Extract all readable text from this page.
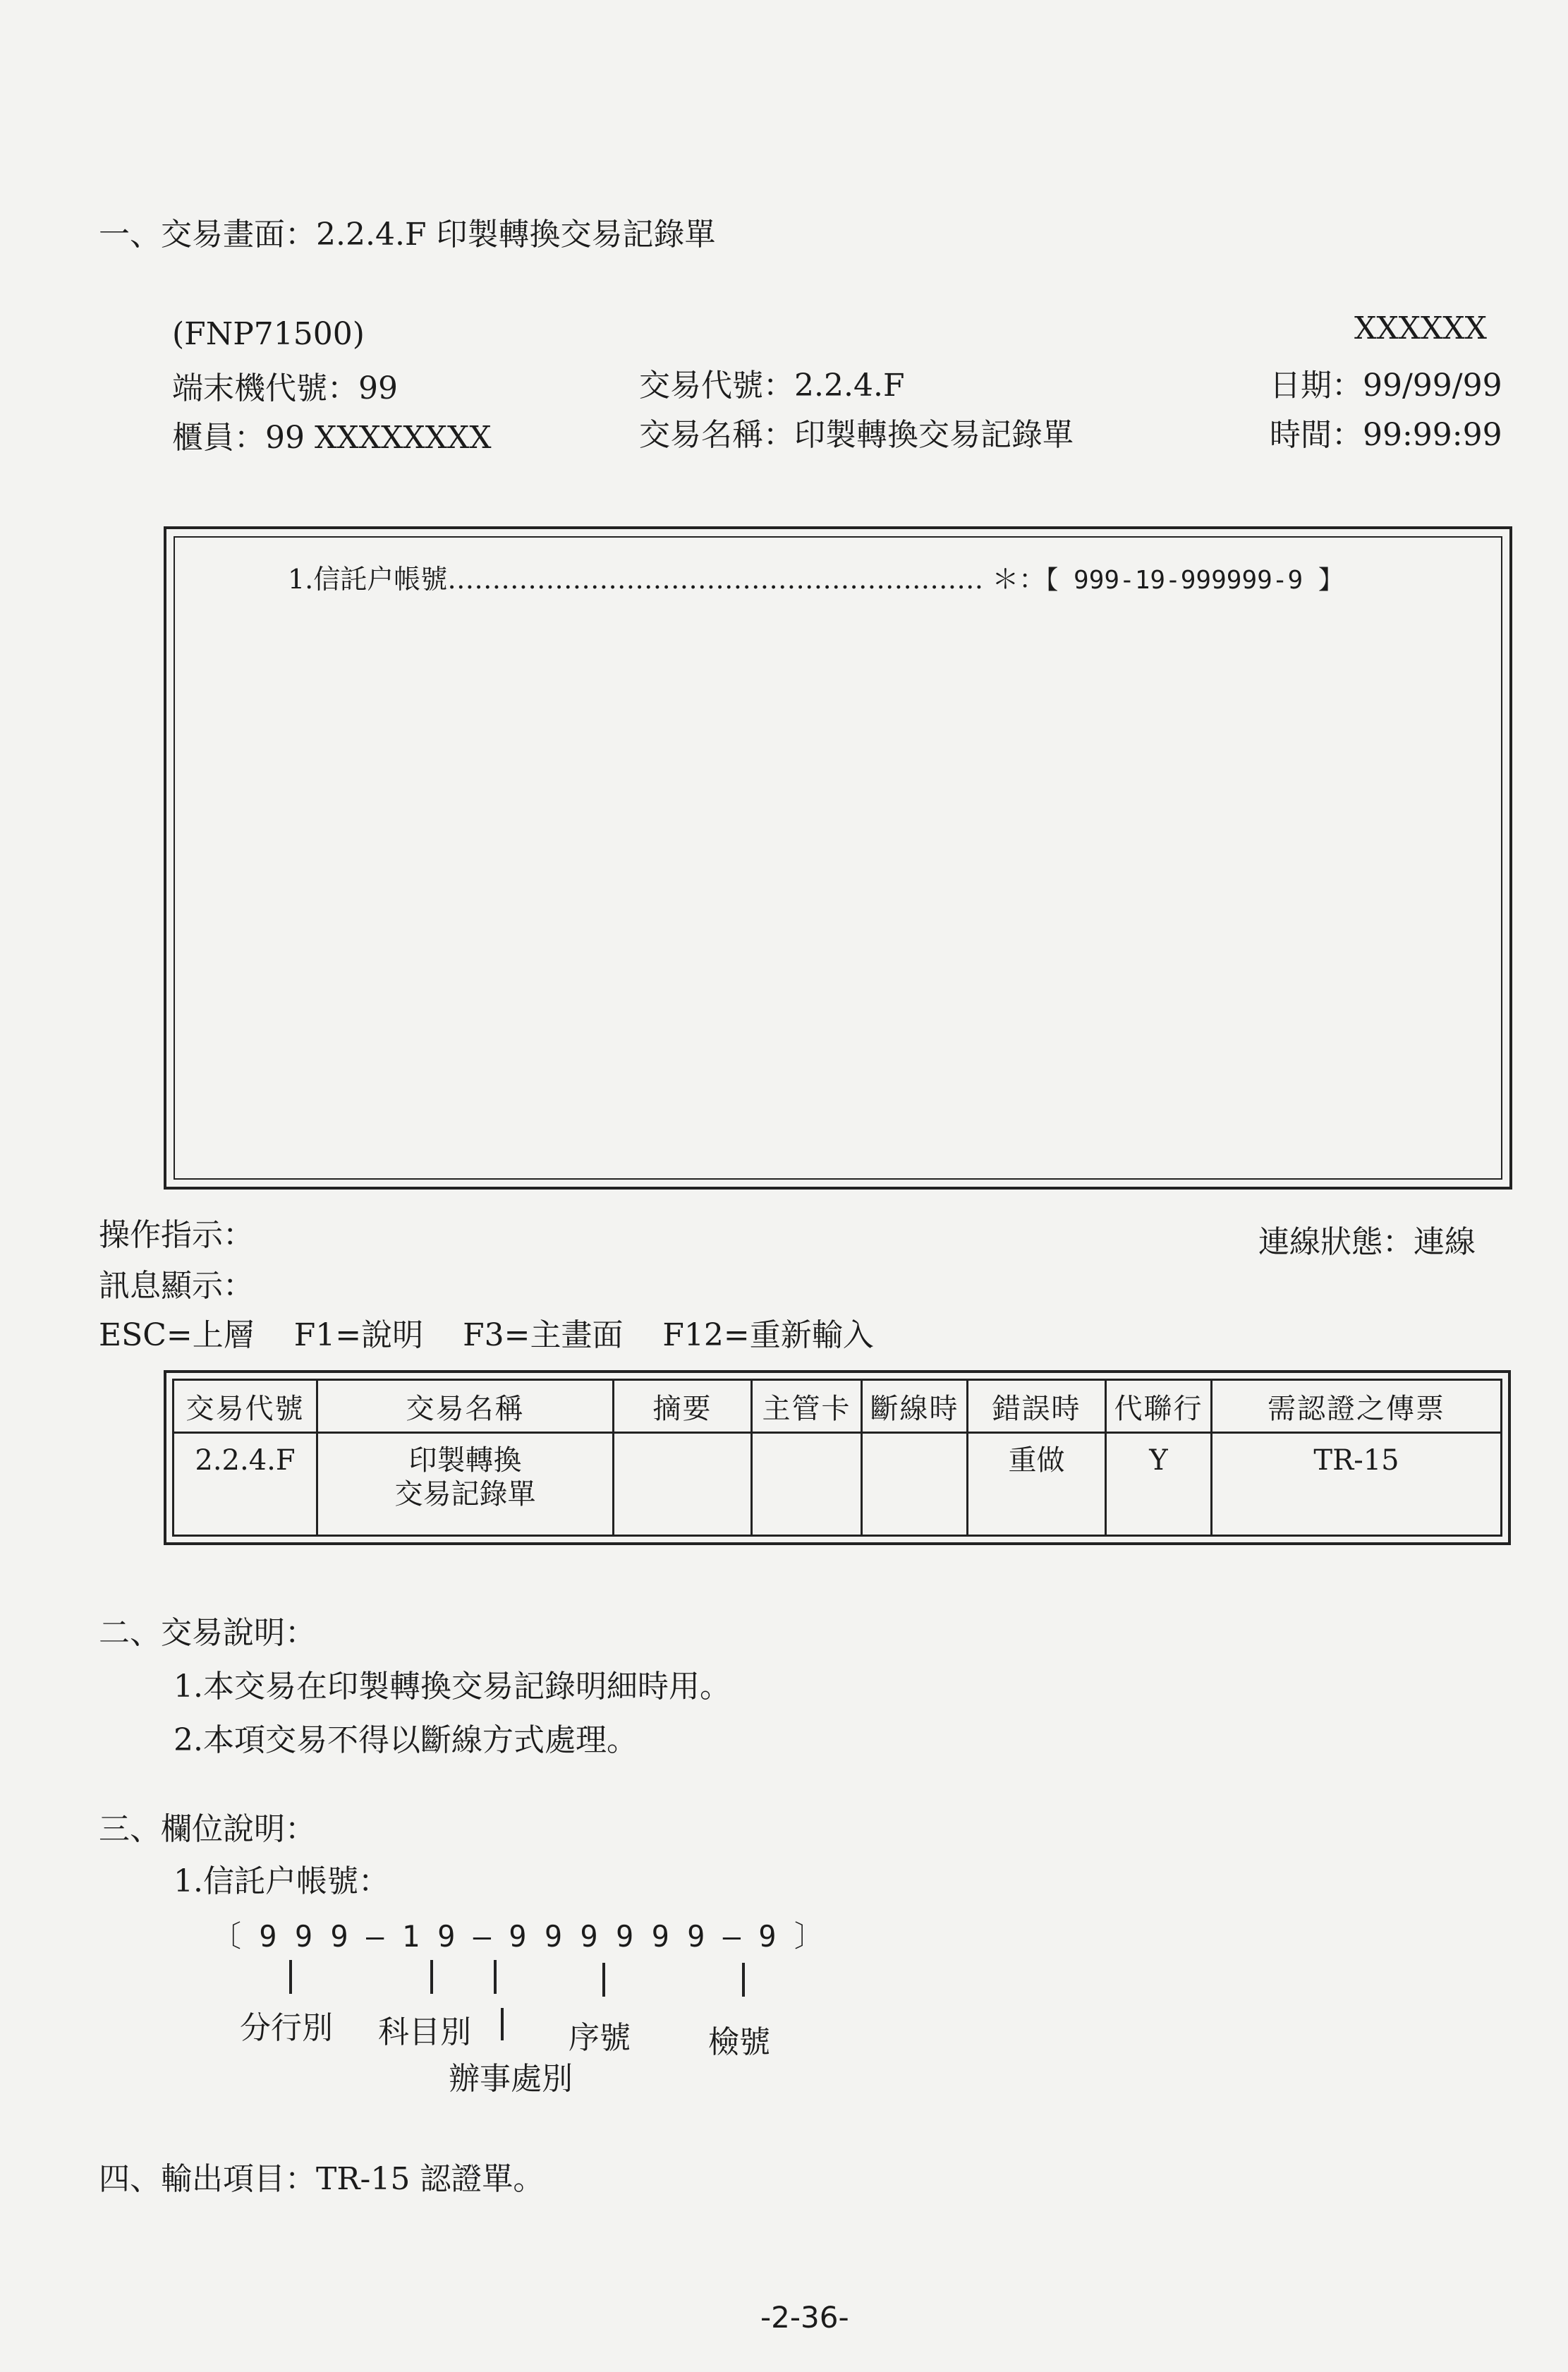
一、交易畫面：2.2.4.F 印製轉換交易記錄單
(FNP71500)	XXXXXX
端末機代號：99	交易代號：2.2.4.F	日期：99/99/99
櫃員：99 XXXXXXXX	交易名稱：印製轉換交易記錄單	時間：99:99:99
1.信託户帳號…………………………………………………… ＊：【 999-19-999999-9 】
操作指示：	連線狀態：連線
訊息顯示：
ESC=上層    F1=說明    F3=主畫面    F12=重新輸入
交易代號	交易名稱	摘要	主管卡	斷線時	錯誤時	代聯行	需認證之傳票
2.2.4.F	印製轉換
交易記錄單				重做	Y	TR-15
二、交易說明：
1.本交易在印製轉換交易記錄明細時用。
2.本項交易不得以斷線方式處理。
三、欄位說明：
1.信託户帳號：
〔 9 9 9 — 1 9 — 9 9 9 9 9 9 — 9 〕
分行別 科目別
辦事處別
序號	檢號
四、輸出項目：TR-15 認證單。
-2-36-
